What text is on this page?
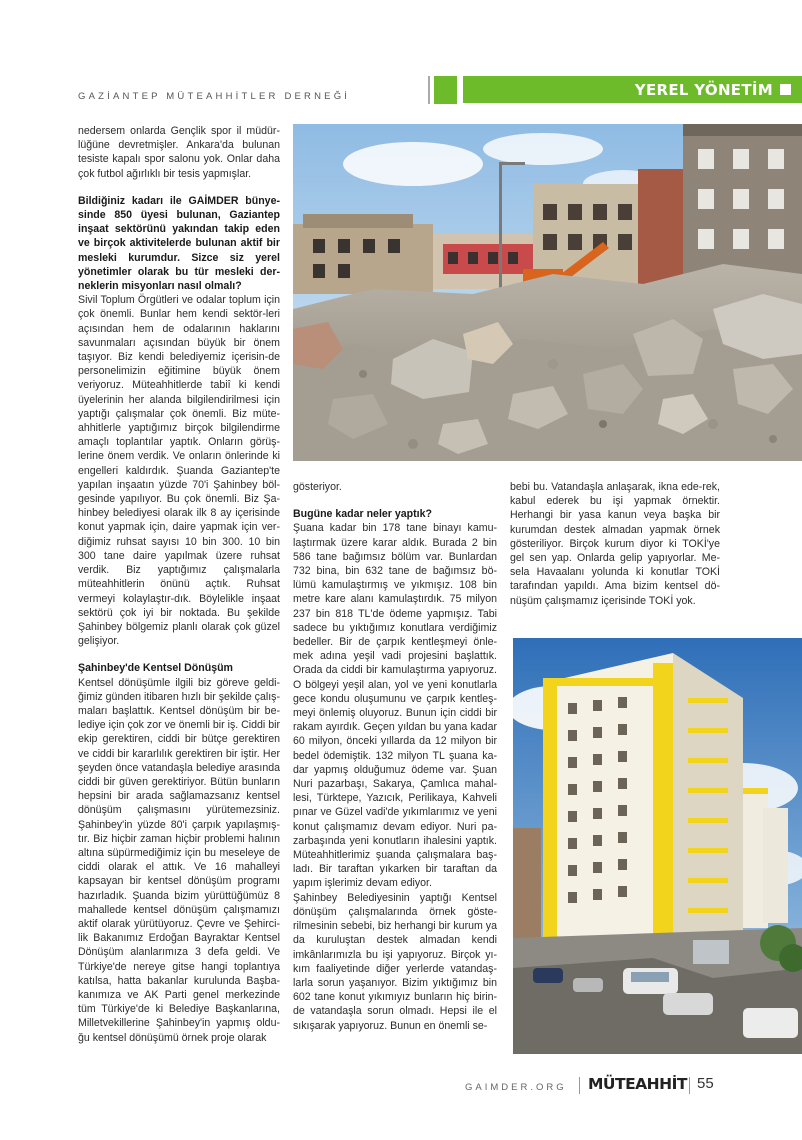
GAZİANTEP MÜTEAHHİTLER DERNEĞİ	YEREL YÖNETİM

nedersem onlarda Gençlik spor il müdür-lüğüne devretmişler. Ankara'da bulunan tesiste kapalı spor salonu yok. Onlar daha çok futbol ağırlıklı bir tesis yapmışlar.

Bildiğiniz kadarı ile GAİMDER bünye-sinde 850 üyesi bulunan, Gaziantep inşaat sektörünü yakından takip eden ve birçok aktivitelerde bulunan aktif bir mesleki kurumdur. Sizce siz yerel yönetimler olarak bu tür mesleki der-neklerin misyonları nasıl olmalı?

Sivil Toplum Örgütleri ve odalar toplum için çok önemli. Bunlar hem kendi sektör-leri açısından hem de odalarının haklarını savunmaları açısından büyük bir önem taşıyor. Biz kendi belediyemiz içerisin-de personelimizin eğitimine büyük önem veriyoruz. Müteahhitlerde tabiî ki kendi üyelerinin her alanda bilgilendirilmesi için yaptığı çalışmalar çok önemli. Biz müte-ahhitlerle yaptığımız birçok bilgilendirme amaçlı toplantılar yaptık. Onların görüş-lerine önem verdik. Ve onların önlerinde ki engelleri kaldırdık. Şuanda Gaziantep'te yapılan inşaatın yüzde 70'i Şahinbey böl-gesinde yapılıyor. Bu çok önemli. Biz Şa-hinbey belediyesi olarak ilk 8 ay içerisinde konut yapmak için, daire yapmak için ver-diğimiz ruhsat sayısı 10 bin 300. 10 bin 300 tane daire yapılmak üzere ruhsat verdik. Biz yaptığımız çalışmalarla müteahhitlerin önünü açtık. Ruhsat vermeyi kolaylaştır-dık. Böylelikle inşaat sektörü çok iyi bir noktada. Bu şekilde Şahinbey bölgemiz planlı olarak çok güzel gelişiyor.

Şahinbey'de Kentsel Dönüşüm

Kentsel dönüşümle ilgili biz göreve geldi-ğimiz günden itibaren hızlı bir şekilde çalış-maları başlattık. Kentsel dönüşüm bir be-lediye için çok zor ve önemli bir iş. Ciddi bir ekip gerektiren, ciddi bir bütçe gerektiren ve ciddi bir kararlılık gerektiren bir iştir. Her şeyden önce vatandaşla belediye arasında ciddi bir güven gerektiriyor. Bütün bunların hepsini bir arada sağlamazsanız kentsel dönüşüm çalışmasını yürütemezsiniz. Şahinbey'in yüzde 80'i çarpık yapılaşmış-tır. Biz hiçbir zaman hiçbir problemi halının altına süpürmediğimiz için bu meseleye de ciddi olarak el attık. Ve 16 mahalleyi kapsayan bir kentsel dönüşüm programı hazırladık. Şuanda bizim yürüttüğümüz 8 mahallede kentsel dönüşüm çalışmamızı aktif olarak yürütüyoruz. Çevre ve Şehirci-lik Bakanımız Erdoğan Bayraktar Kentsel Dönüşüm alanlarımıza 3 defa geldi. Ve Türkiye'de nereye gitse hangi toplantıya katılsa, hatta bakanlar kurulunda Başba-kanımıza ve AK Parti genel merkezinde tüm Türkiye'de ki Belediye Başkanlarına, Milletvekillerine Şahinbey'in yapmış oldu-ğu kentsel dönüşümü örnek proje olarak

gösteriyor.

Bugüne kadar neler yaptık?

Şuana kadar bin 178 tane binayı kamu-laştırmak üzere karar aldık. Burada 2 bin 586 tane bağımsız bölüm var. Bunlardan 732 bina, bin 632 tane de bağımsız bö-lümü kamulaştırmış ve yıkmışız. 108 bin metre kare alanı kamulaştırdık. 75 milyon 237 bin 818 TL'de ödeme yapmışız. Tabi sadece bu yıktığımız konutlara verdiğimiz bedeller. Bir de çarpık kentleşmeyi önle-mek adına yeşil vadi projesini başlattık. Orada da ciddi bir kamulaştırma yapıyoruz. O bölgeyi yeşil alan, yol ve yeni konutlarla gece kondu oluşumunu ve çarpık kentleş-meyi önlemiş oluyoruz. Bunun için ciddi bir rakam ayırdık. Geçen yıldan bu yana kadar 60 milyon, önceki yıllarda da 12 milyon bir bedel ödemiştik. 132 milyon TL şuana ka-dar yapmış olduğumuz ödeme var. Şuan Nuri pazarbaşı, Sakarya, Çamlıca mahal-lesi, Türktepe, Yazıcık, Perilikaya, Kahveli pınar ve Güzel vadi'de yıkımlarımız ve yeni konut çalışmamız devam ediyor. Nuri pa-zarbaşında yeni konutların ihalesini yaptık. Müteahhitlerimiz şuanda çalışmalara baş-ladı. Bir taraftan yıkarken bir taraftan da yapım işlerimiz devam ediyor.

Şahinbey Belediyesinin yaptığı Kentsel dönüşüm çalışmalarında örnek göste-rilmesinin sebebi, biz herhangi bir kurum ya da kuruluştan destek almadan kendi imkânlarımızla bu işi yapıyoruz. Birçok yı-kım faaliyetinde diğer yerlerde vatandaş-larla sorun yaşanıyor. Bizim yıktığımız bin 602 tane konut yıkımıyız bunların hiç birin-de vatandaşla sorun olmadı. Hepsi ile el sıkışarak yapıyoruz. Bunun en önemli se-

bebi bu. Vatandaşla anlaşarak, ikna ede-rek, kabul ederek bu işi yapmak örnektir. Herhangi bir yasa kanun veya başka bir kurumdan destek almadan yapmak örnek gösteriliyor. Birçok kurum diyor ki TOKİ'ye gel sen yap. Onlarda gelip yapıyorlar. Me-sela Havaalanı yolunda ki konutlar TOKİ tarafından yapıldı. Ama bizim kentsel dö-nüşüm çalışmamız içerisinde TOKİ yok.

GAIMDER.ORG MÜTEAHHİT 55
